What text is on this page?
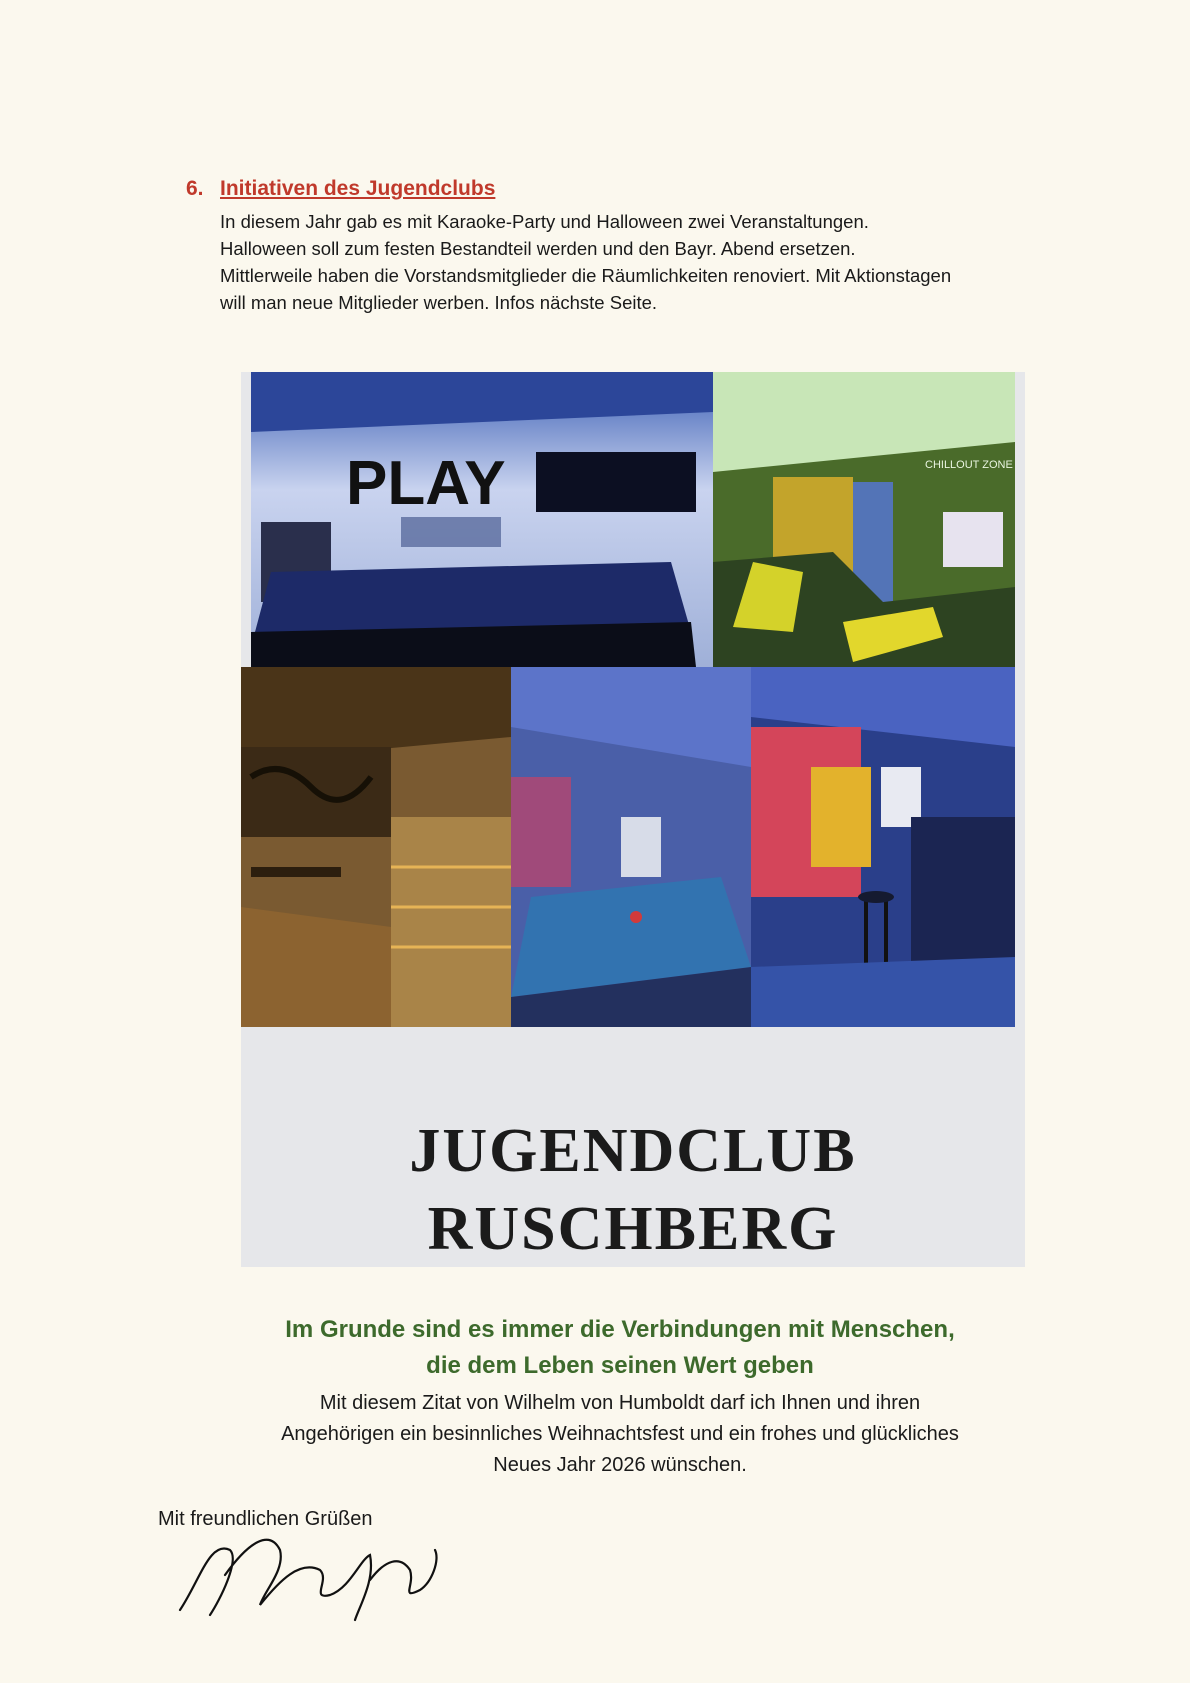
6. Initiativen des Jugendclubs

In diesem Jahr gab es mit Karaoke-Party und Halloween zwei Veranstaltungen.

Halloween soll zum festen Bestandteil werden und den Bayr. Abend ersetzen.

Mittlerweile haben die Vorstandsmitglieder die Räumlichkeiten renoviert. Mit Aktionstagen

will man neue Mitglieder werben. Infos nächste Seite.

PLAY	CHILLOUT ZONE
JUGENDCLUB
RUSCHBERG

Im Grunde sind es immer die Verbindungen mit Menschen,

die dem Leben seinen Wert geben

Mit diesem Zitat von Wilhelm von Humboldt darf ich Ihnen und ihren

Angehörigen ein besinnliches Weihnachtsfest und ein frohes und glückliches

Neues Jahr 2026 wünschen.

Mit freundlichen Grüßen
